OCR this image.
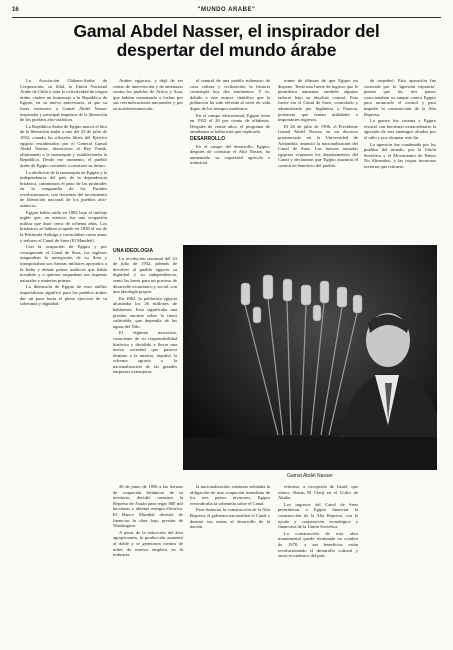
16	"MUNDO ARABE"
Gamal Abdel Nasser, el inspirador del
despertar del mundo árabe

La Asociación Chileno-Arabe de Cooperación, su filial, la Unión Nacional Arabe de Chile y toda la colectividad de origen árabe, rinden un homenaje a la República de Egipto, en su nuevo aniversario, al que su fuera extensivo a Gamal Abdel Nasser inspirador y principal impulsor de la liberación de los pueblos afro-asiáticos.

La República Arabe de Egipto marcó el hito de la liberación árabe a raíz del 23 de julio de 1952, cuando los oficiales libres del Ejército egipcio encabezados por el General Gamal Abdel Nasser, derrocaron al Rey Faruk, eliminando a la monarquía y estableciendo la República. Desde ese momento, el pueblo árabe de Egipto comenzó a construir su futuro.

La abolición de la monarquía en Egipto y la independencia del país de la dependencia británica, culminaron el paso de las pirámides en la vanguardia de los Estados revolucionarios, con doctrinas del movimiento de liberación nacional de los pueblos afro-asiáticos.

Egipto había caído en 1882 bajo el tutelaje inglés que, en esencia, fue una ocupación militar que duró cerca de ochenta años. Los británicos se habían ocupado en 1830 el sur de la Península Arábiga y controlaban como amos y señores el Canal de Suez (El Mandeb).

Con la ocupación de Egipto y por consiguiente el Canal de Suez, los ingleses aseguraban la navegación de su flota y transportaban sus fuerzas militares apoyados a la India y demás países asiáticos que había invadido y a quienes saqueaban sus riquezas naturales y materias primas.

La liberación de Egipto de esos anillos imperialistas significó para los pueblos árabes dar un paso hacia el pleno ejercicio de su soberanía y dignidad.

Arabes egipcios, y dejó de ser centro de intervención y de amenazas contra los pueblos de Africa y Asia, que habían comenzado a luchar por sus reivindicaciones nacionales y por su autodeterminación.

UNA IDEOLOGIA

La revolución nacional del 23 de julio de 1952, además de devolver al pueblo egipcio su dignidad y su independencia, sentó las bases para un proceso de desarrollo económico y social, con una ideología propia.

En 1962, la población egipcia alcanzaba los 26 millones de habitantes. Esto significaba una presión enorme sobre la tierra cultivable, que dependía de las aguas del Nilo.

El régimen nasserista, consciente de su responsabilidad histórica y decidido a llevar una nueva sociedad que pusiera término a la miseria, impulsó la reforma agraria y la nacionalización de las grandes empresas extranjeras.

el natural de una pueblo milenario de casa cultura y civilización la historia contempla hoy dos fenómenos. Y es, debido a este avance científico que la población ha sido elevada al nivel de vida digno de los tiempos modernos.

En el campo educacional, Egipto tenía en 1952 el 20 por ciento de alfabetos. Después de veinte años, el programa de enseñanza se había más que triplicado.

DESARROLLO

En el campo del desarrollo, Egipto, después de construir el Alto Nasser, ha aumentado su capacidad agrícola e industrial.

tomes de últimas de que Egipto no dispone. Tenía una fuerte de ingreso que le permitiera aumentar también algunos enlaces bajo su absoluto control. Esta fuerte era el Canal de Suez, controlado y administrado por Inglaterra y Francia, potencias que tenían utilidades e importantes ingresos.

El 26 de julio de 1956, el Presidente Gamal Abdel Nasser, en un discurso pronunciado en la Universidad de Alejandría, anunció la nacionalización del Canal de Suez. Las fuerzas armadas egipcias ocuparon los departamentos del Canal y declararon que Egipto asumiría el control en beneficio del pueblo.

de torpedeó. Esta operación fue conocida por la 'agresión tripartita', puesto que los tres países coaccionaban su tanque contra Egipto para arrancarle el control y para impedir la construcción de la Alta Represa.

La guerra fue cruenta y Egipto resistió con heroísmo extraordinario la agresión de tres enemigos aliados por el odio y por alcanzar este fin.

La agresión fue condenada por los pueblos del mundo, por la Unión Soviética y el Movimiento de Países No Alineados, y las tropas invasoras tuvieron que retirarse.

Gamal Abdel Nasser

26 de junio de 1956 a las fuerzas de ocupación británicas de su territorio, decidió construir la Represa de Asuán para regar 800 mil hectáreas y obtener energía eléctrica. El Banco Mundial desistió de financiar la obra bajo presión de Washington.

A pesar de la reducción del área agropecuaria, la producción aumentó al doble y se generaron cientos de miles de nuevos empleos en la industria.

la nacionalización; mientras señalaba la obligación de una ocupación inmediata de los tres países invasores, Egipto reivindicaba la soberanía sobre el Canal.

Para financiar la construcción de la Alta Represa, el gobierno nacionalizó el Canal y destinó sus rentas al desarrollo de la nación.

retirarse, a excepción de Israel, que retuvo Sharm El Cheij en el Golfo de Akaba.

Los ingresos del Canal de Suez permitieron a Egipto financiar la construcción de la Alta Represa, con la ayuda y cooperación tecnológica y financiera de la Unión Soviética.

La construcción de esta obra monumental quedó terminada en octubre de 1970, y sus beneficios están revolucionando el desarrollo cultural y socio-económico del país.
